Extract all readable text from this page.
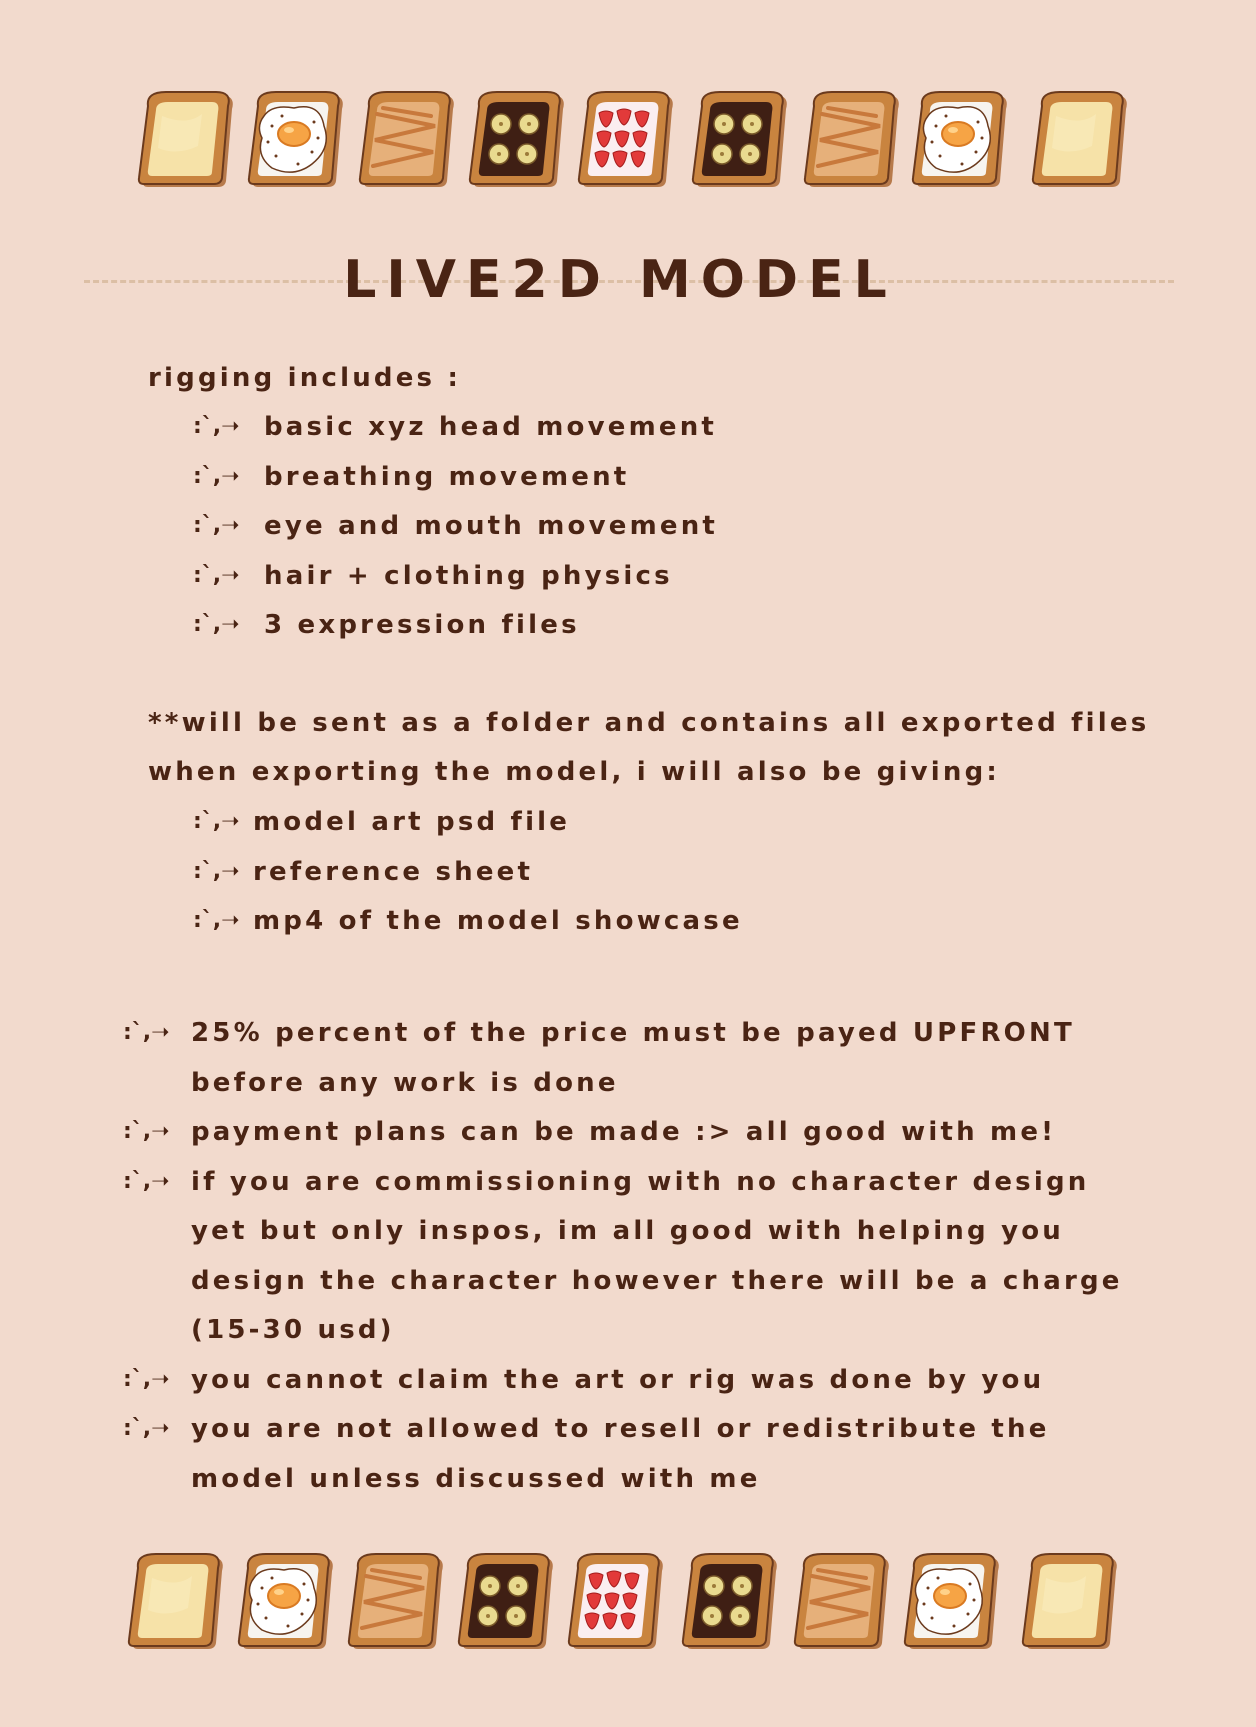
LIVE2D MODEL
rigging includes :
:`,➝ basic xyz head movement
:`,➝ breathing movement
:`,➝ eye and mouth movement
:`,➝ hair + clothing physics
:`,➝ 3 expression files
**will be sent as a folder and contains all exported files
when exporting the model, i will also be giving:
:`,➝ model art psd file
:`,➝ reference sheet
:`,➝ mp4 of the model showcase
:`,➝ 25% percent of the price must be payed UPFRONT
before any work is done
:`,➝ payment plans can be made :> all good with me!
:`,➝ if you are commissioning with no character design
yet but only inspos, im all good with helping you
design the character however there will be a charge
(15-30 usd)
:`,➝ you cannot claim the art or rig was done by you
:`,➝ you are not allowed to resell or redistribute the
model unless discussed with me
